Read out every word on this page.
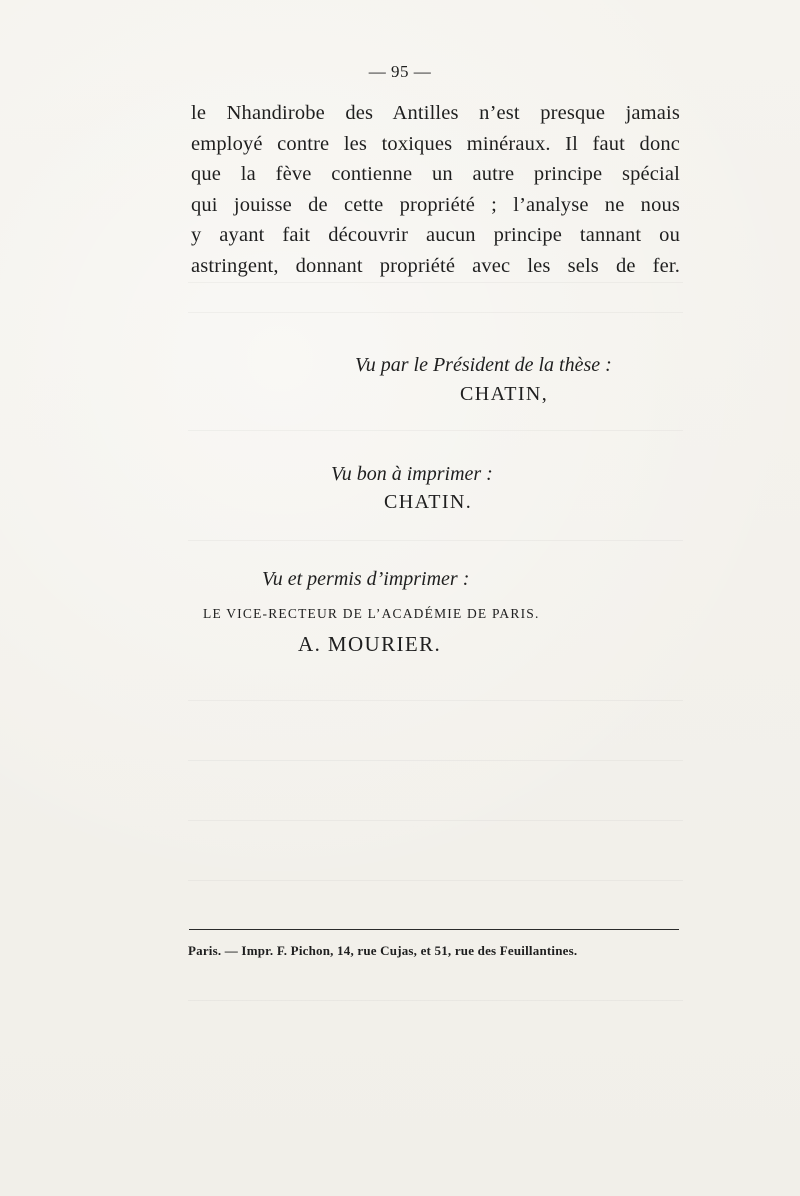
— 95 —
le Nhandirobe des Antilles n’est presque jamais
employé contre les toxiques minéraux. Il faut donc
que la fève contienne un autre principe spécial
qui jouisse de cette propriété ; l’analyse ne nous
y ayant fait découvrir aucun principe tannant ou
astringent, donnant propriété avec les sels de fer.
Vu par le Président de la thèse :
CHATIN,
Vu bon à imprimer :
CHATIN.
Vu et permis d’imprimer :
LE VICE-RECTEUR DE L’ACADÉMIE DE PARIS.
A. MOURIER.
Paris. — Impr. F. Pichon, 14, rue Cujas, et 51, rue des Feuillantines.
